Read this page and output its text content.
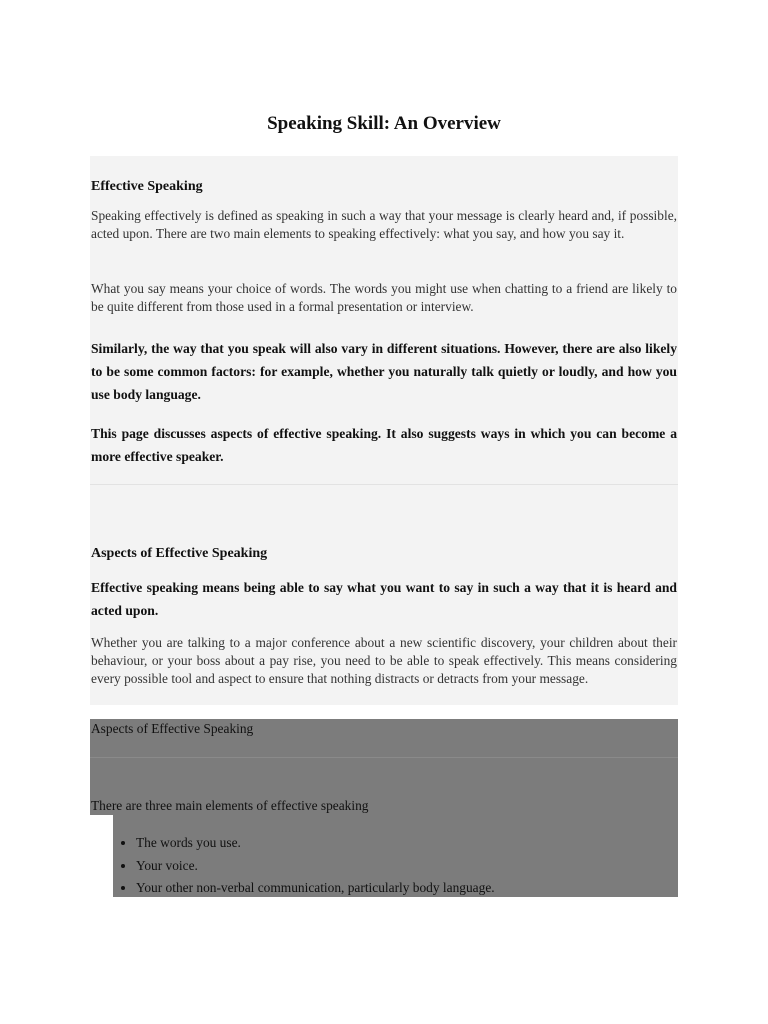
Speaking Skill: An Overview
Effective Speaking

Speaking effectively is defined as speaking in such a way that your message is clearly heard and, if possible, acted upon. There are two main elements to speaking effectively: what you say, and how you say it.

What you say means your choice of words. The words you might use when chatting to a friend are likely to be quite different from those used in a formal presentation or interview.

Similarly, the way that you speak will also vary in different situations. However, there are also likely to be some common factors: for example, whether you naturally talk quietly or loudly, and how you use body language.

This page discusses aspects of effective speaking. It also suggests ways in which you can become a more effective speaker.

Aspects of Effective Speaking

Effective speaking means being able to say what you want to say in such a way that it is heard and acted upon.

Whether you are talking to a major conference about a new scientific discovery, your children about their behaviour, or your boss about a pay rise, you need to be able to speak effectively. This means considering every possible tool and aspect to ensure that nothing distracts or detracts from your message.

Aspects of Effective Speaking
There are three main elements of effective speaking
• The words you use.
• Your voice.
• Your other non-verbal communication, particularly body language.
